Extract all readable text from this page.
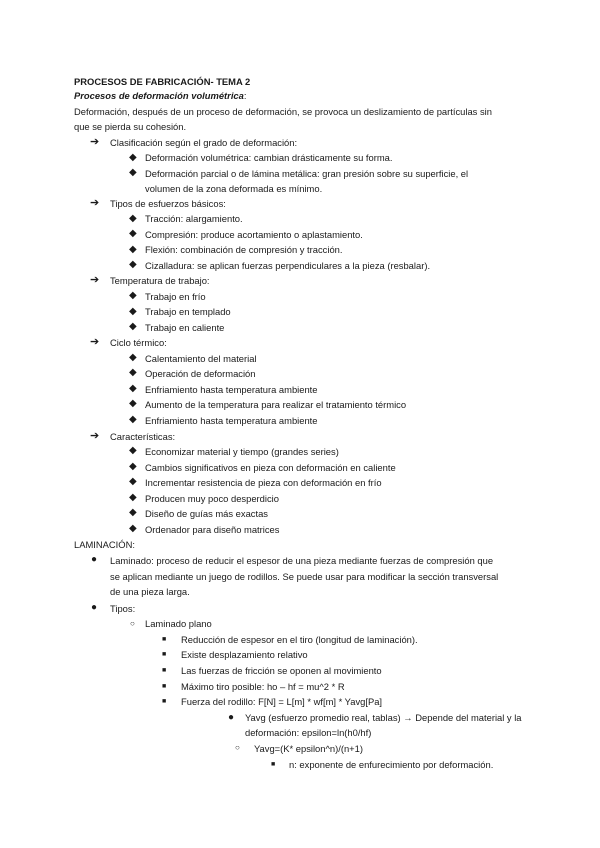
PROCESOS DE FABRICACIÓN- TEMA 2
Procesos de deformación volumétrica:
Deformación, después de un proceso de deformación, se provoca un deslizamiento de partículas sin
que se pierda su cohesión.
➔ Clasificación según el grado de deformación:
◆ Deformación volumétrica: cambian drásticamente su forma.
◆ Deformación parcial o de lámina metálica: gran presión sobre su superficie, el
volumen de la zona deformada es mínimo.
➔ Tipos de esfuerzos básicos:
◆ Tracción: alargamiento.
◆ Compresión: produce acortamiento o aplastamiento.
◆ Flexión: combinación de compresión y tracción.
◆ Cizalladura: se aplican fuerzas perpendiculares a la pieza (resbalar).
➔ Temperatura de trabajo:
◆ Trabajo en frío
◆ Trabajo en templado
◆ Trabajo en caliente
➔ Ciclo térmico:
◆ Calentamiento del material
◆ Operación de deformación
◆ Enfriamiento hasta temperatura ambiente
◆ Aumento de la temperatura para realizar el tratamiento térmico
◆ Enfriamiento hasta temperatura ambiente
➔ Características:
◆ Economizar material y tiempo (grandes series)
◆ Cambios significativos en pieza con deformación en caliente
◆ Incrementar resistencia de pieza con deformación en frío
◆ Producen muy poco desperdicio
◆ Diseño de guías más exactas
◆ Ordenador para diseño matrices
LAMINACIÓN:
● Laminado: proceso de reducir el espesor de una pieza mediante fuerzas de compresión que
se aplican mediante un juego de rodillos. Se puede usar para modificar la sección transversal
de una pieza larga.
● Tipos:
○ Laminado plano
■ Reducción de espesor en el tiro (longitud de laminación).
■ Existe desplazamiento relativo
■ Las fuerzas de fricción se oponen al movimiento
■ Máximo tiro posible: ho – hf = mu^2 * R
■ Fuerza del rodillo: F[N] = L[m] * wf[m] * Yavg[Pa]
● Yavg (esfuerzo promedio real, tablas) → Depende del material y la
deformación: epsilon=ln(h0/hf)
○ Yavg=(K* epsilon^n)/(n+1)
■ n: exponente de enfurecimiento por deformación.
